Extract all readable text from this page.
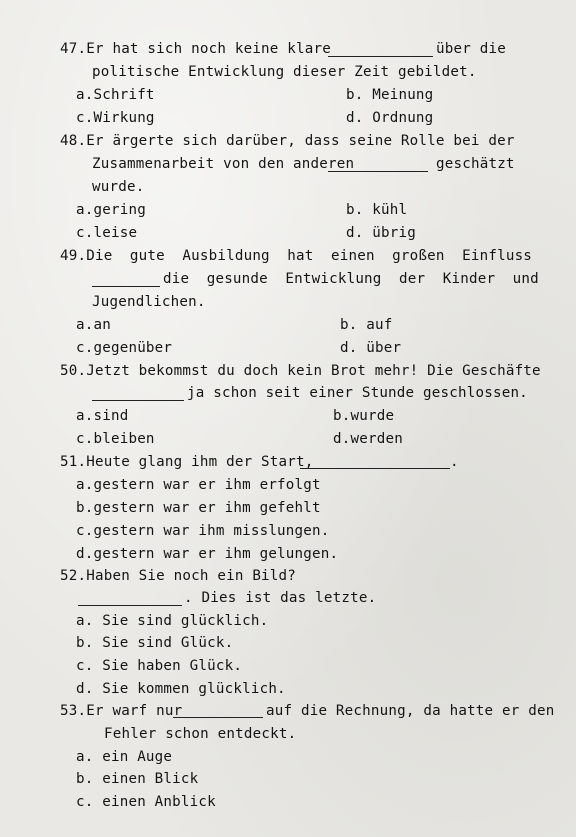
47.Er hat sich noch keine klare	über die
politische Entwicklung dieser Zeit gebildet.
a.Schrift	b. Meinung
c.Wirkung	d. Ordnung
48.Er ärgerte sich darüber, dass seine Rolle bei der
Zusammenarbeit von den anderen	geschätzt
wurde.
a.gering	b. kühl
c.leise	d. übrig
49.Die  gute  Ausbildung  hat  einen  großen  Einfluss
die  gesunde  Entwicklung  der  Kinder  und
Jugendlichen.
a.an	b. auf
c.gegenüber	d. über
50.Jetzt bekommst du doch kein Brot mehr! Die Geschäfte
ja schon seit einer Stunde geschlossen.
a.sind	b.wurde
c.bleiben	d.werden
51.Heute glang ihm der Start,	.
a.gestern war er ihm erfolgt
b.gestern war er ihm gefehlt
c.gestern war ihm misslungen.
d.gestern war er ihm gelungen.
52.Haben Sie noch ein Bild?
. Dies ist das letzte.
a. Sie sind glücklich.
b. Sie sind Glück.
c. Sie haben Glück.
d. Sie kommen glücklich.
53.Er warf nur	auf die Rechnung, da hatte er den
Fehler schon entdeckt.
a. ein Auge
b. einen Blick
c. einen Anblick
